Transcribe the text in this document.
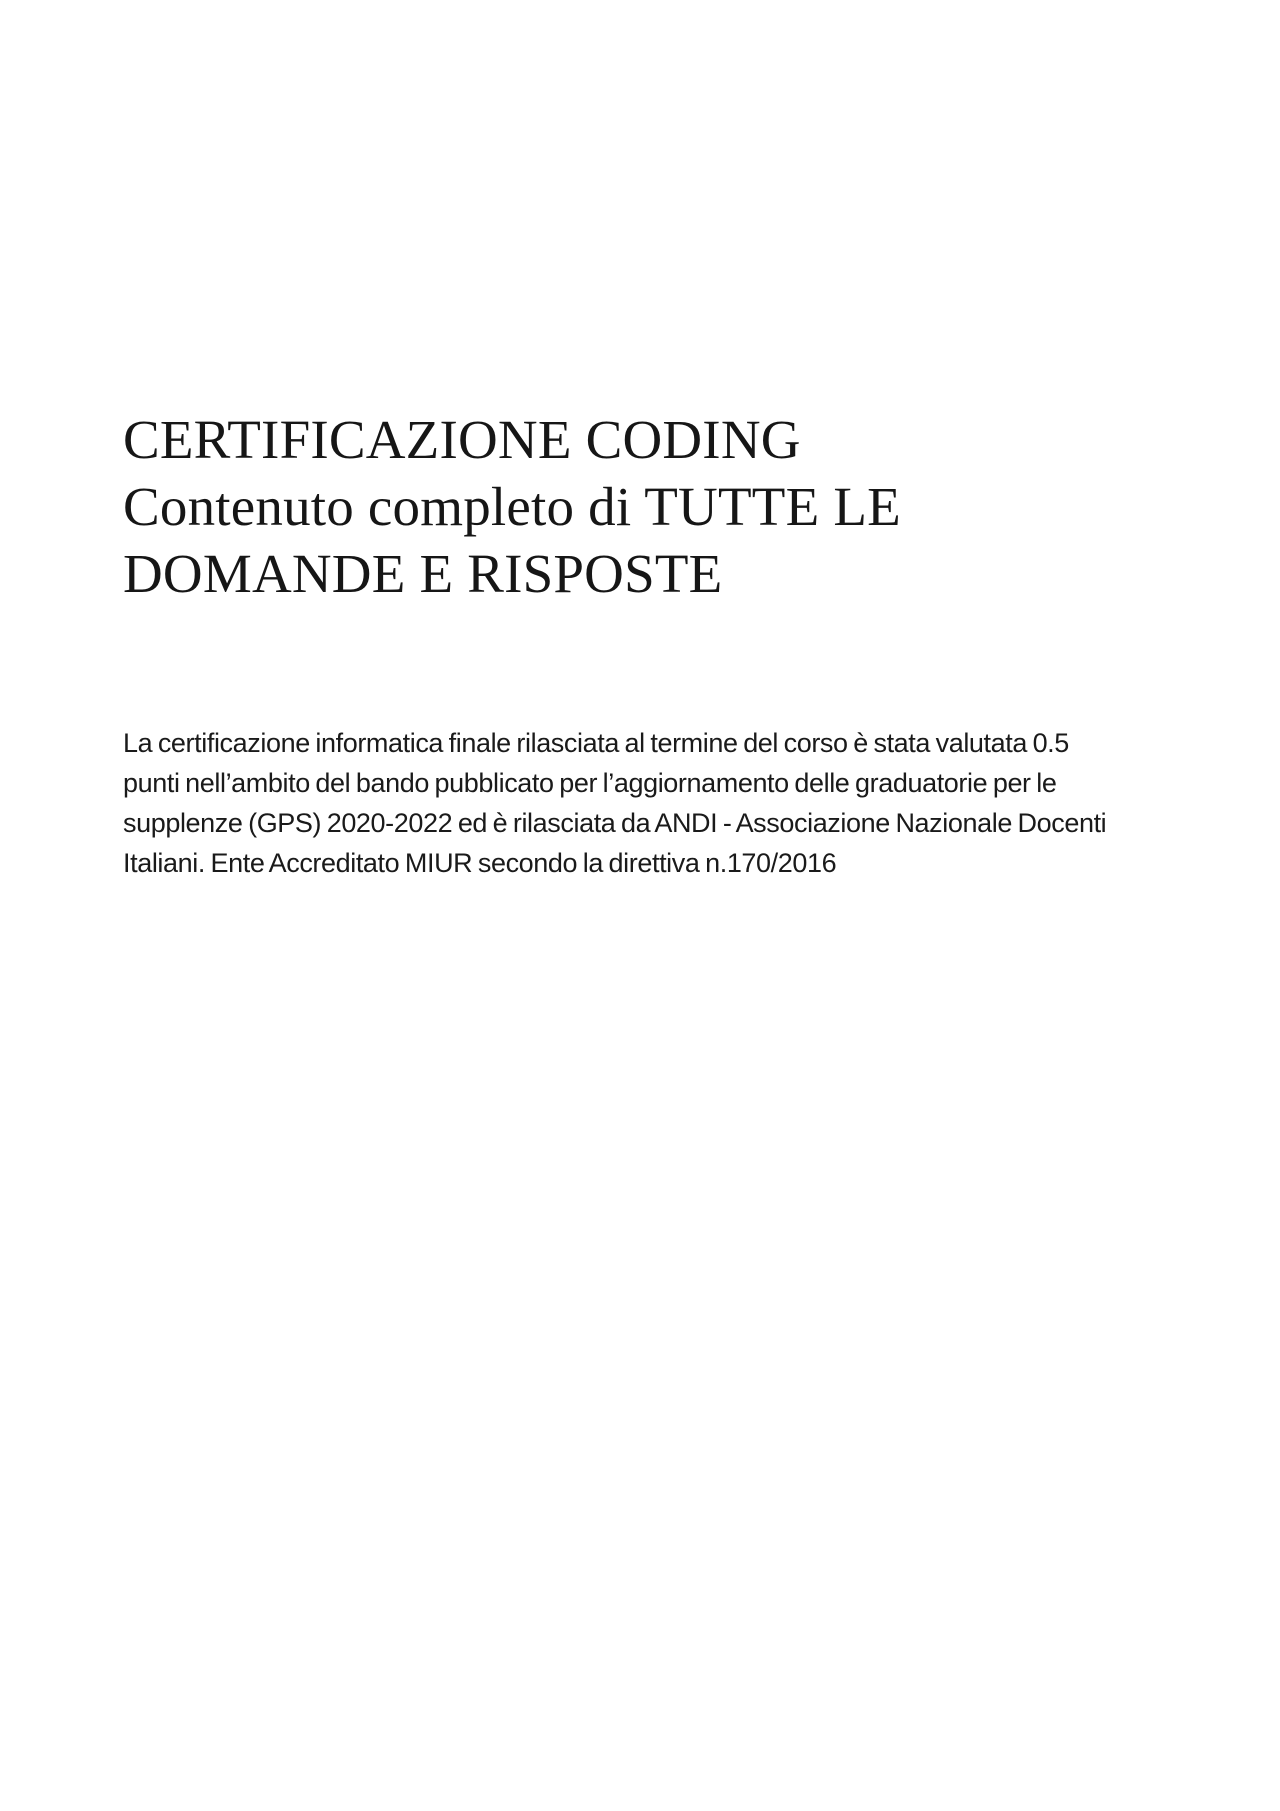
CERTIFICAZIONE CODING
Contenuto completo di TUTTE LE
DOMANDE E RISPOSTE

La certificazione informatica finale rilasciata al termine del corso è stata valutata 0.5
punti nell’ambito del bando pubblicato per l’aggiornamento delle graduatorie per le
supplenze (GPS) 2020-2022 ed è rilasciata da ANDI - Associazione Nazionale Docenti
Italiani. Ente Accreditato MIUR secondo la direttiva n.170/2016
